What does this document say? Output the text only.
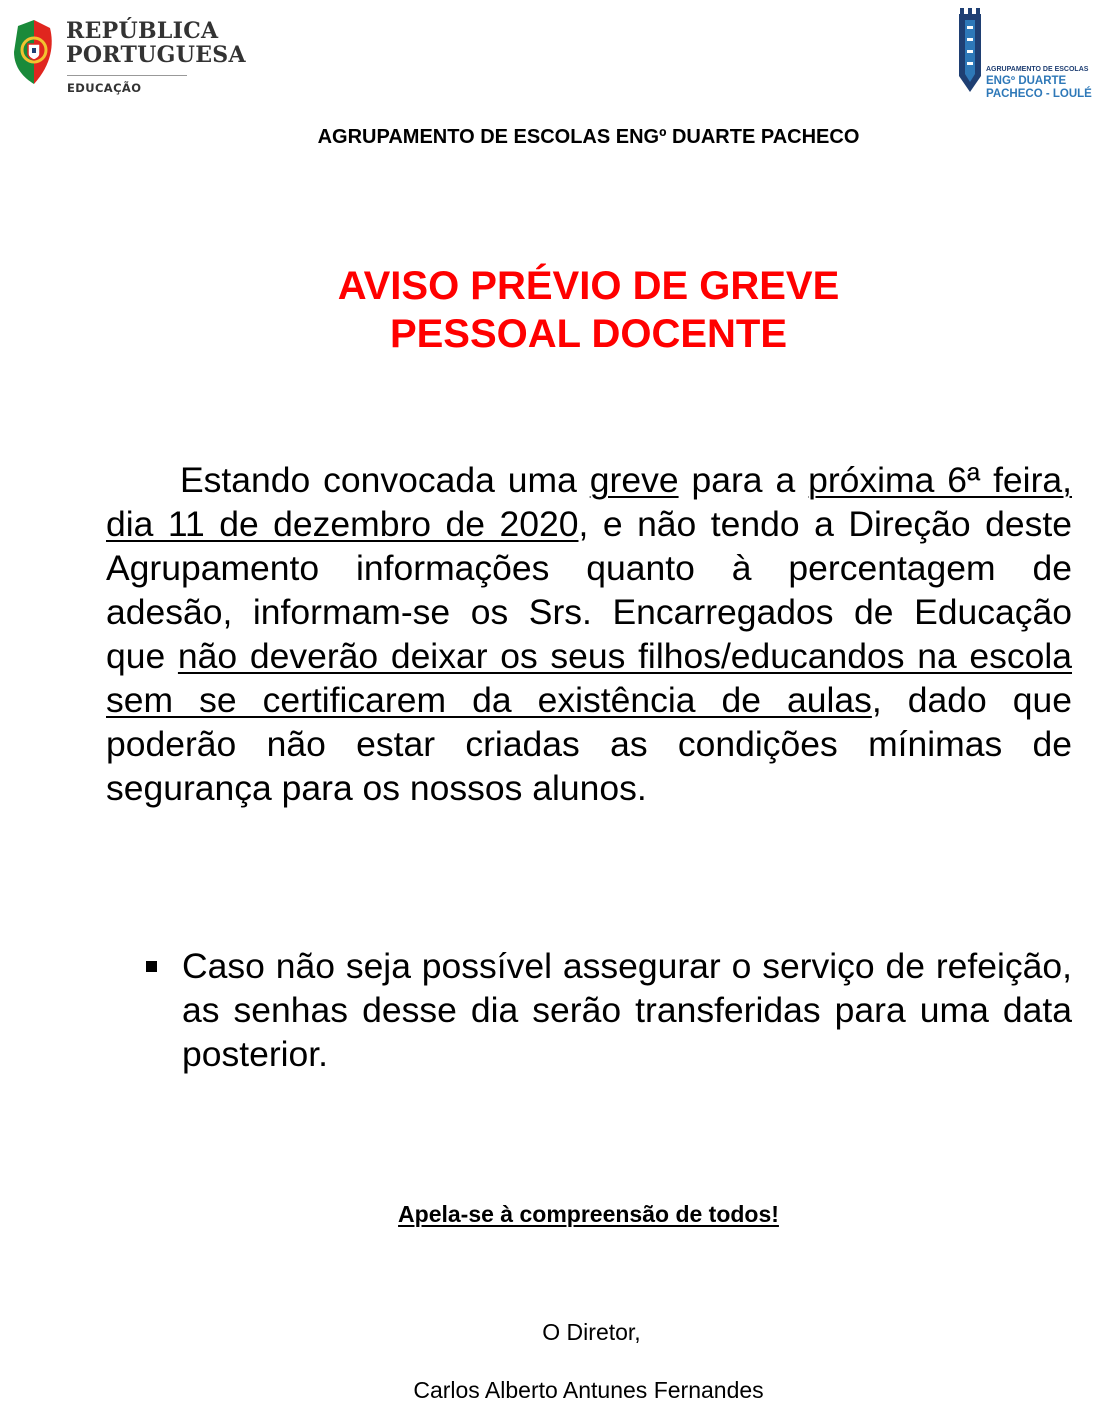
REPÚBLICA
PORTUGUESA
EDUCAÇÃO
AGRUPAMENTO DE ESCOLAS
ENGº DUARTE
PACHECO - LOULÉ
AGRUPAMENTO DE ESCOLAS ENGº DUARTE PACHECO
AVISO PRÉVIO DE GREVE
PESSOAL DOCENTE

Estando convocada uma greve para a próxima 6ª feira, dia 11 de dezembro de 2020, e não tendo a Direção deste Agrupamento informações quanto à percentagem de adesão, informam-se os Srs. Encarregados de Educação que não deverão deixar os seus filhos/educandos na escola sem se certificarem da existência de aulas, dado que poderão não estar criadas as condições mínimas de segurança para os nossos alunos.

Caso não seja possível assegurar o serviço de refeição, as senhas desse dia serão transferidas para uma data posterior.

Apela-se à compreensão de todos!
O Diretor,
Carlos Alberto Antunes Fernandes
